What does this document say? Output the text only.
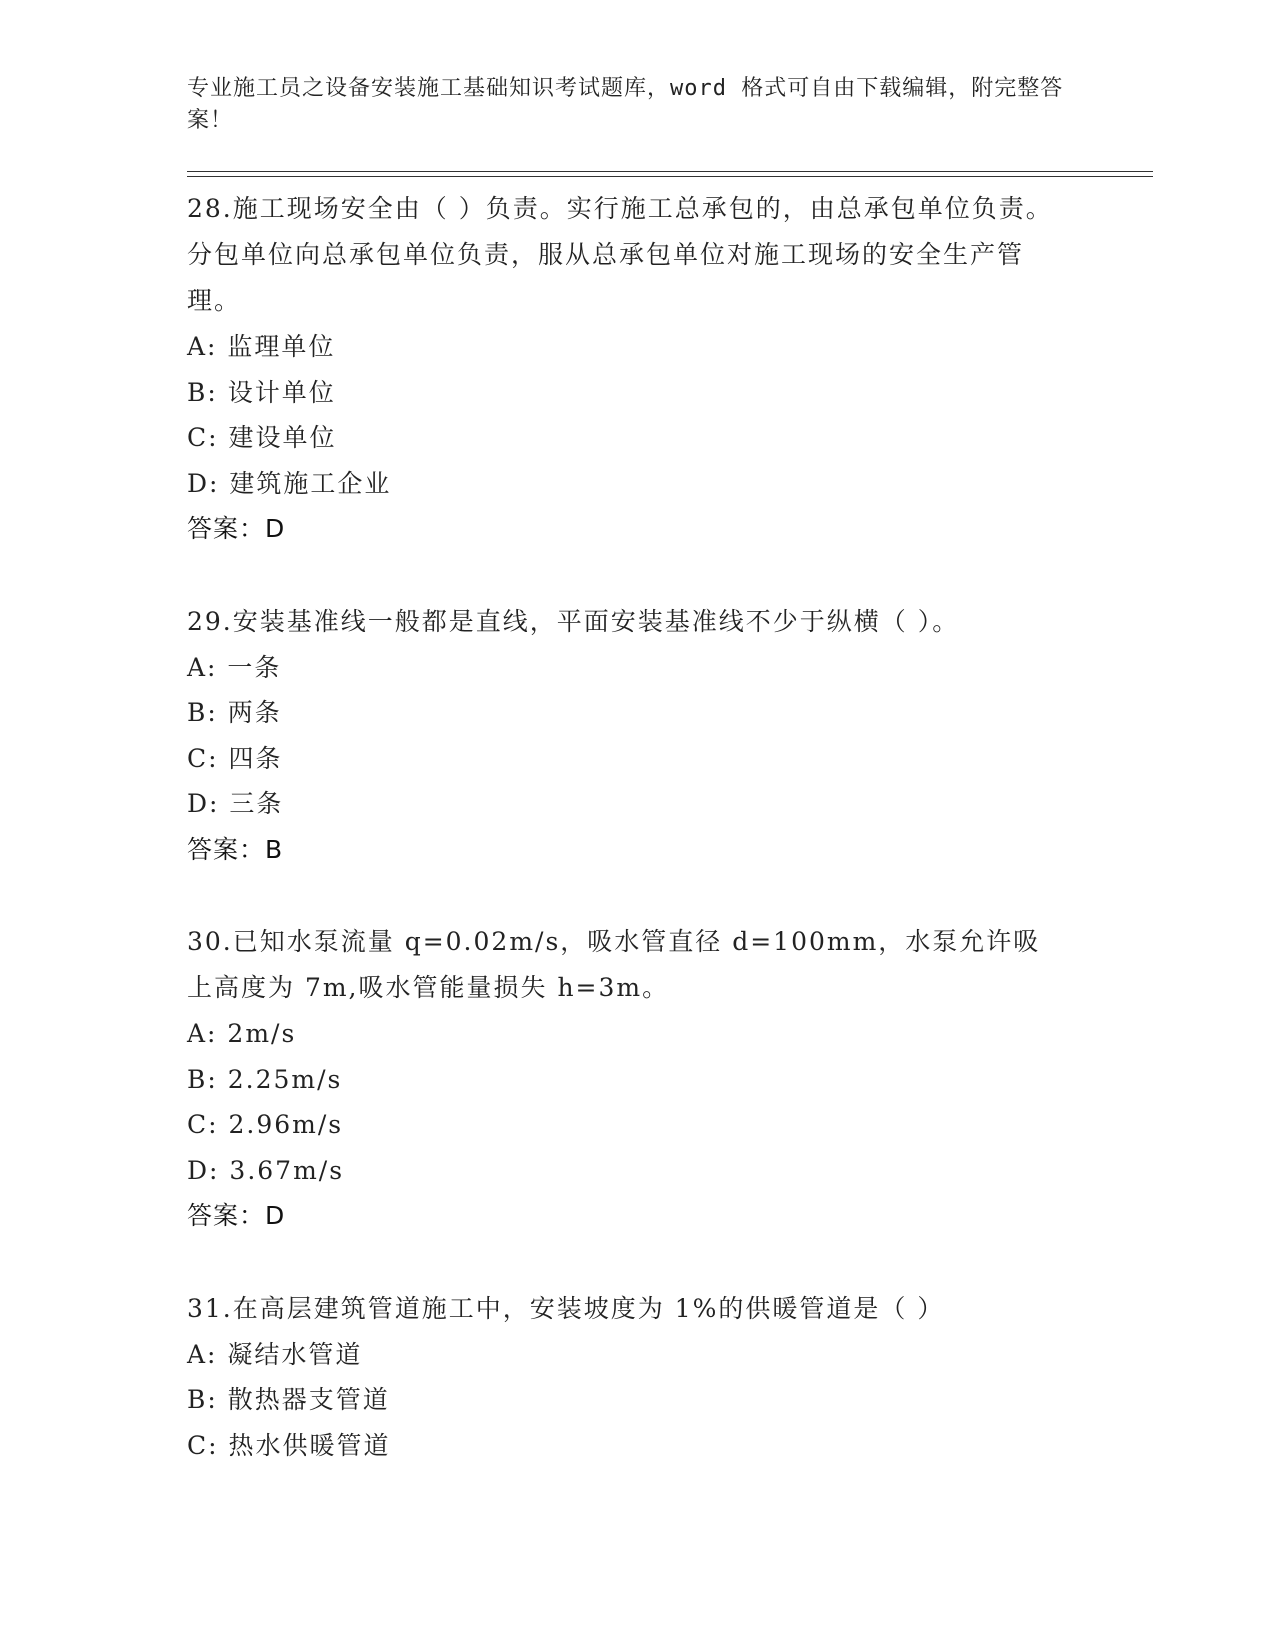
专业施工员之设备安装施工基础知识考试题库，word 格式可自由下载编辑，附完整答案！
28.施工现场安全由（ ）负责。实行施工总承包的，由总承包单位负责。分包单位向总承包单位负责，服从总承包单位对施工现场的安全生产管理。
A: 监理单位
B: 设计单位
C: 建设单位
D: 建筑施工企业
答案：D
29.安装基准线一般都是直线，平面安装基准线不少于纵横（ ）。
A: 一条
B: 两条
C: 四条
D: 三条
答案：B
30.已知水泵流量 q=0.02m/s，吸水管直径 d=100mm，水泵允许吸上高度为 7m,吸水管能量损失 h=3m。
A: 2m/s
B: 2.25m/s
C: 2.96m/s
D: 3.67m/s
答案：D
31.在高层建筑管道施工中，安装坡度为 1%的供暖管道是（ ）
A: 凝结水管道
B: 散热器支管道
C: 热水供暖管道
